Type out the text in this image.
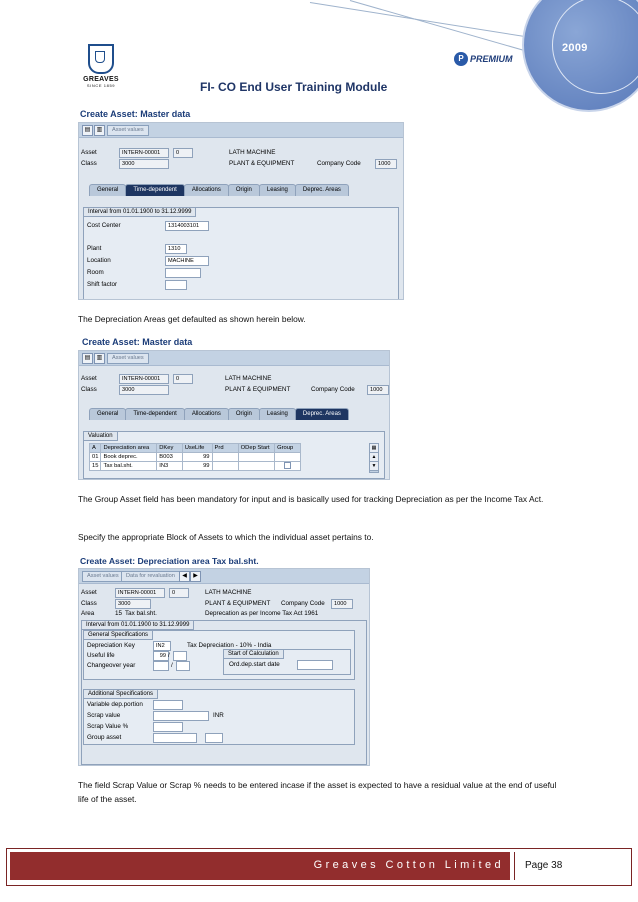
2009
GREAVES
SINCE 1859
P PREMIUM
FI- CO End User Training Module
▤	▥	Asset values
Asset	INTERN-00001	0	LATH MACHINE
Class	3000	PLANT & EQUIPMENT	Company Code	1000
General	Time-dependent	Allocations	Origin	Leasing	Deprec. Areas
Interval from 01.01.1900 to 31.12.9999
Cost Center	1314003101
Plant	1310
Location	MACHINE
Room
Shift factor
Create Asset: Master data
The Depreciation Areas get defaulted as shown herein below.
Create Asset: Master data
▤	▥	Asset values
Asset	INTERN-00001	0	LATH MACHINE
Class	3000	PLANT & EQUIPMENT	Company Code	1000
General	Time-dependent	Allocations	Origin	Leasing	Deprec. Areas
Valuation
A	Depreciation area	DKey	UseLife	Prd	ODep Start	Group
01	Book deprec.	B003	99			
15	Tax bal.sht.	IN3	99			
▦
▲
▼
The Group Asset field has been mandatory for input and is basically used for tracking Depreciation as per the Income Tax Act.
Specify the appropriate Block of Assets to which the individual asset pertains to.
Create Asset: Depreciation area Tax bal.sht.
Asset values	Data for revaluation	◀	▶
Asset	INTERN-00001	0	LATH MACHINE
Class	3000	PLANT & EQUIPMENT Company Code	1000
Area	15 Tax bal.sht.	Deprecation as per Income Tax Act 1961
Interval from 01.01.1900 to 31.12.9999
General Specifications
Depreciation Key	IN2	Tax Depreciation - 10% - India
Useful life	99 /
Changeover year	/
Start of Calculation
Ord.dep.start date
Additional Specifications
Variable dep.portion
Scrap value	INR
Scrap Value %
Group asset
The field Scrap Value or Scrap % needs to be entered incase if the asset is expected to have a residual value at the end of useful life of the asset.
Greaves Cotton Limited	Page 38
